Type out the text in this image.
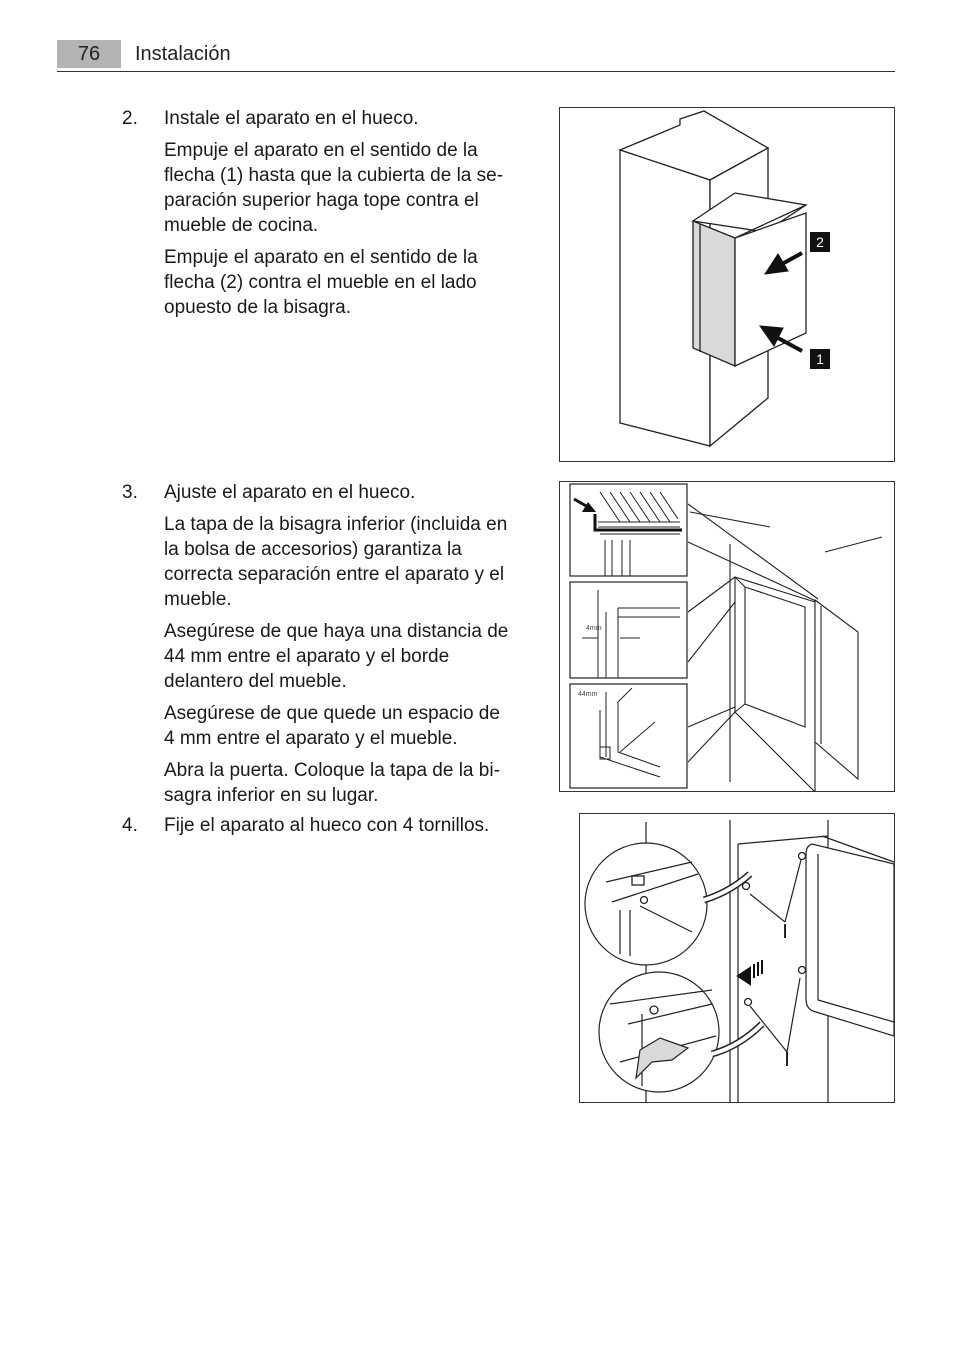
76	Instalación
2. Instale el aparato en el hueco.

Empuje el aparato en el sentido de la flecha (1) hasta que la cubierta de la separación superior haga tope contra el mueble de cocina.

Empuje el aparato en el sentido de la flecha (2) contra el mueble en el lado opuesto de la bisagra.

3. Ajuste el aparato en el hueco.

La tapa de la bisagra inferior (incluida en la bolsa de accesorios) garantiza la correcta separación entre el aparato y el mueble.

Asegúrese de que haya una distancia de 44 mm entre el aparato y el borde delantero del mueble.

Asegúrese de que quede un espacio de 4 mm entre el aparato y el mueble.

Abra la puerta. Coloque la tapa de la bisagra inferior en su lugar.

4. Fije el aparato al hueco con 4 tornillos.

2
1
4mm
44mm
I
I
